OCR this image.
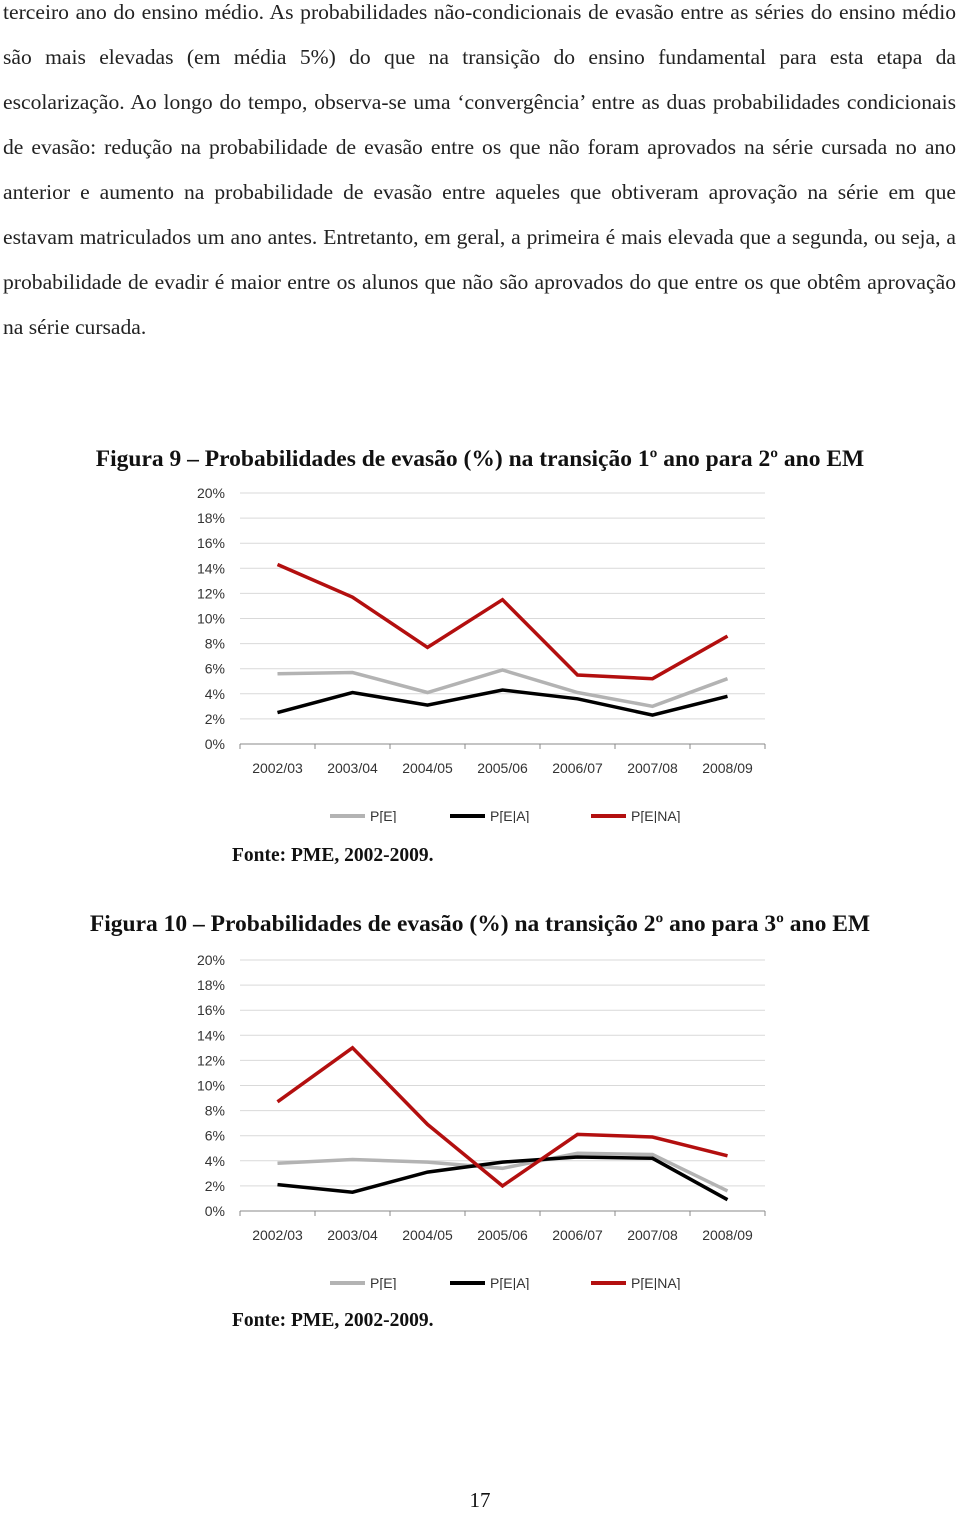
terceiro ano do ensino médio. As probabilidades não-condicionais de evasão entre as séries do ensino médio são mais elevadas (em média 5%) do que na transição do ensino fundamental para esta etapa da escolarização. Ao longo do tempo, observa-se uma ‘convergência’ entre as duas probabilidades condicionais de evasão: redução na probabilidade de evasão entre os que não foram aprovados na série cursada no ano anterior e aumento na probabilidade de evasão entre aqueles que obtiveram aprovação na série em que estavam matriculados um ano antes. Entretanto, em geral, a primeira é mais elevada que a segunda, ou seja, a probabilidade de evadir é maior entre os alunos que não são aprovados do que entre os que obtêm aprovação na série cursada.

Figura 9 – Probabilidades de evasão (%) na transição 1º ano para 2º ano EM
0%
2%
4%
6%
8%
10%
12%
14%
16%
18%
20%
2002/03 2003/04 2004/05 2005/06 2006/07 2007/08 2008/09
P[E]	P[E|A]	P[E|NA]
Fonte: PME, 2002-2009.
Figura 10 – Probabilidades de evasão (%) na transição 2º ano para 3º ano EM
0%
2%
4%
6%
8%
10%
12%
14%
16%
18%
20%
2002/03 2003/04 2004/05 2005/06 2006/07 2007/08 2008/09
P[E]	P[E|A]	P[E|NA]
Fonte: PME, 2002-2009.
17
